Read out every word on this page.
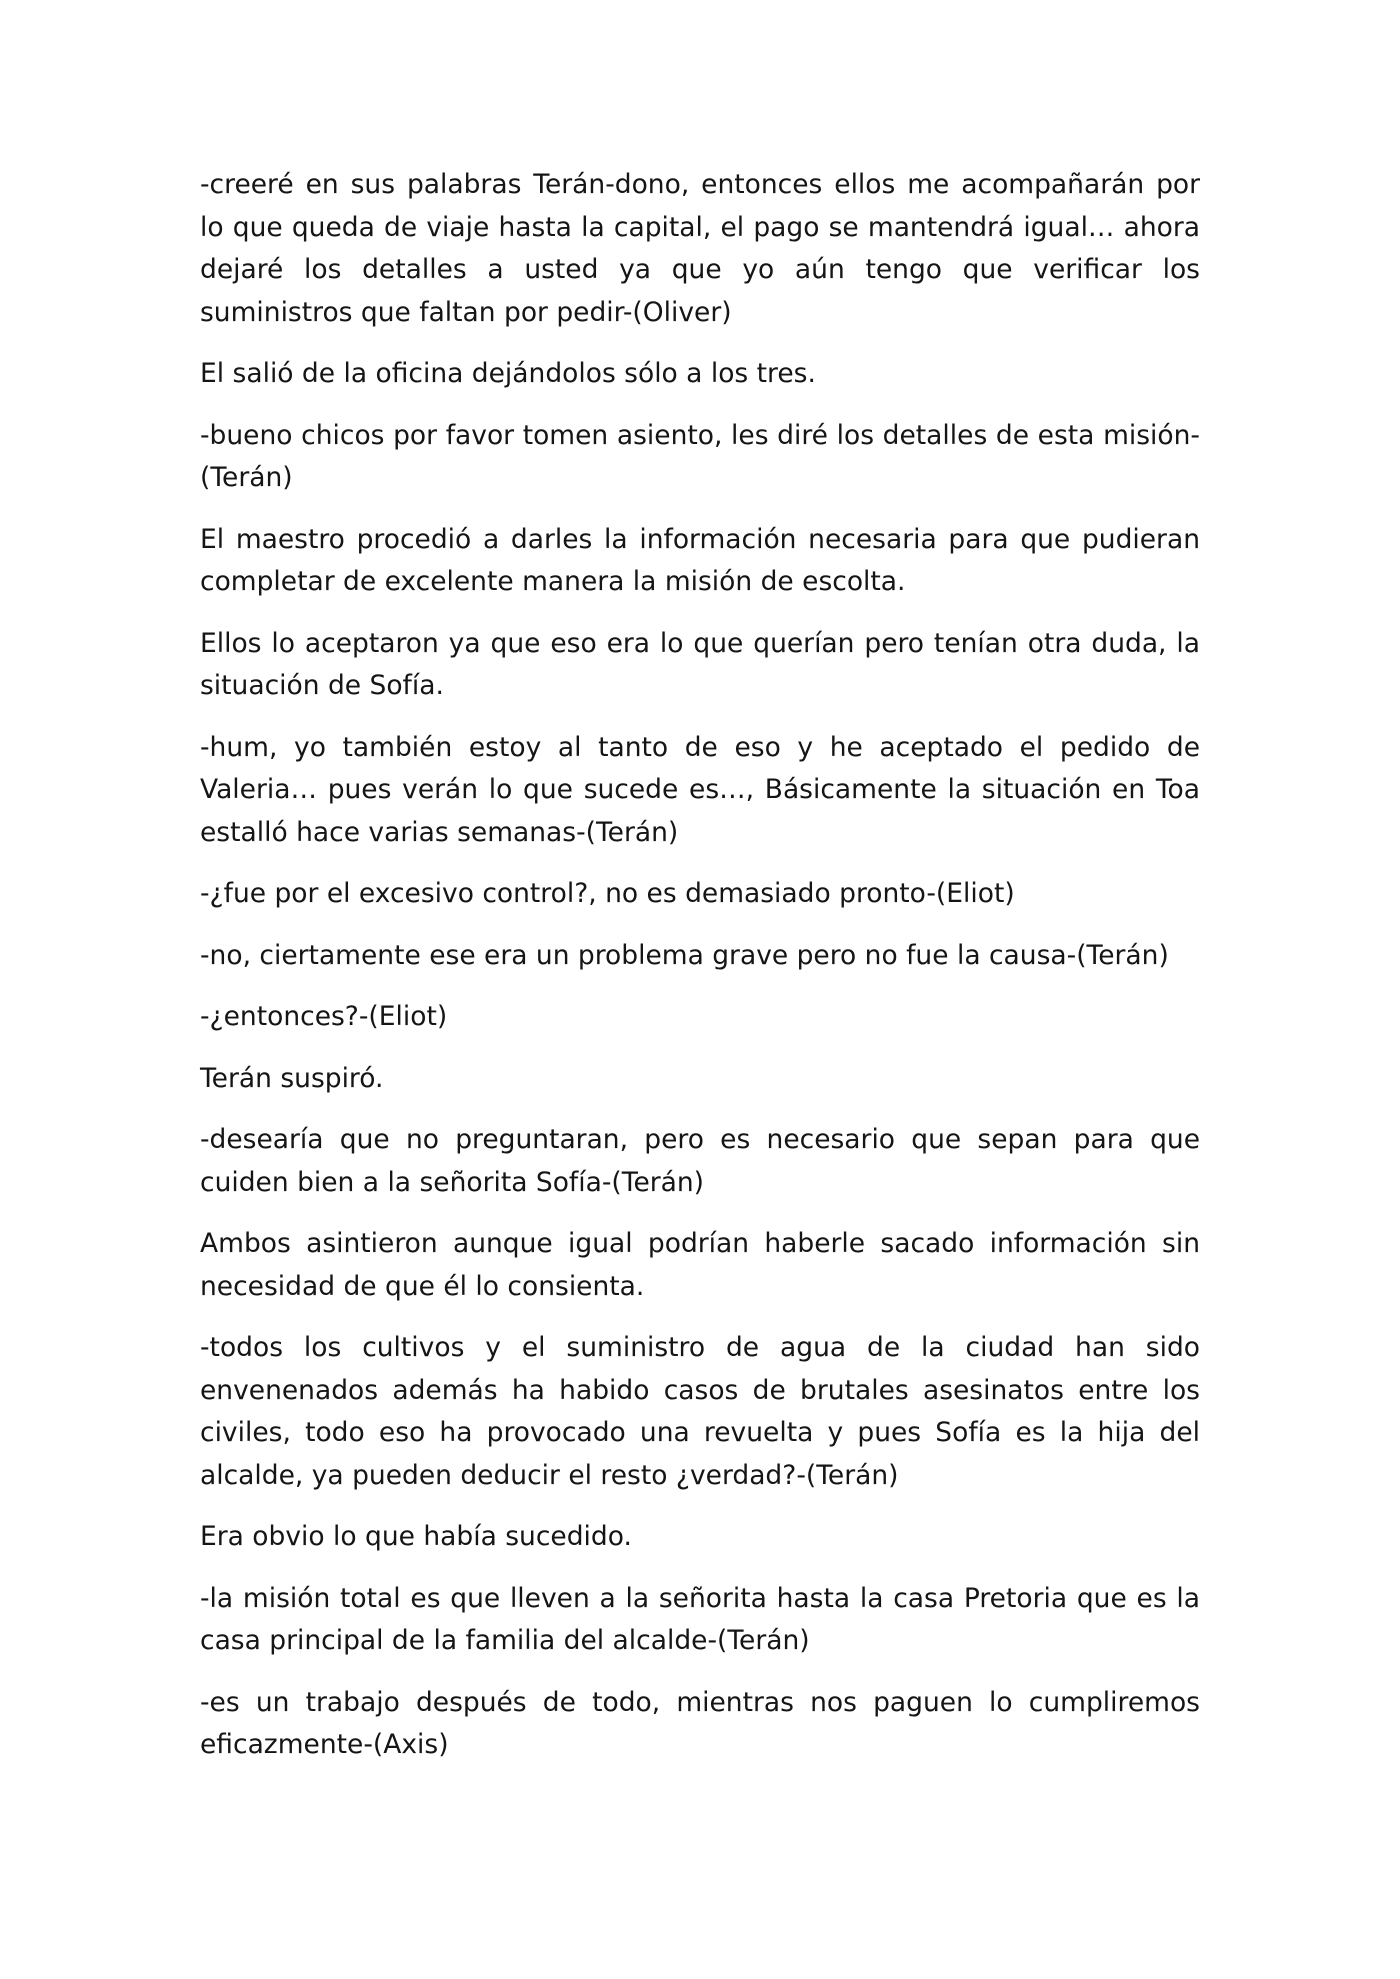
-creeré en sus palabras Terán-dono, entonces ellos me acompañarán por lo que queda de viaje hasta la capital, el pago se mantendrá igual… ahora dejaré los detalles a usted ya que yo aún tengo que verificar los suministros que faltan por pedir-(Oliver)

El salió de la oficina dejándolos sólo a los tres.

-bueno chicos por favor tomen asiento, les diré los detalles de esta misión-(Terán)

El maestro procedió a darles la información necesaria para que pudieran completar de excelente manera la misión de escolta.

Ellos lo aceptaron ya que eso era lo que querían pero tenían otra duda, la situación de Sofía.

-hum, yo también estoy al tanto de eso y he aceptado el pedido de Valeria… pues verán lo que sucede es…, Básicamente la situación en Toa estalló hace varias semanas-(Terán)

-¿fue por el excesivo control?, no es demasiado pronto-(Eliot)

-no, ciertamente ese era un problema grave pero no fue la causa-(Terán)

-¿entonces?-(Eliot)

Terán suspiró.

-desearía que no preguntaran, pero es necesario que sepan para que cuiden bien a la señorita Sofía-(Terán)

Ambos asintieron aunque igual podrían haberle sacado información sin necesidad de que él lo consienta.

-todos los cultivos y el suministro de agua de la ciudad han sido envenenados además ha habido casos de brutales asesinatos entre los civiles, todo eso ha provocado una revuelta y pues Sofía es la hija del alcalde, ya pueden deducir el resto ¿verdad?-(Terán)

Era obvio lo que había sucedido.

-la misión total es que lleven a la señorita hasta la casa Pretoria que es la casa principal de la familia del alcalde-(Terán)

-es un trabajo después de todo, mientras nos paguen lo cumpliremos eficazmente-(Axis)
